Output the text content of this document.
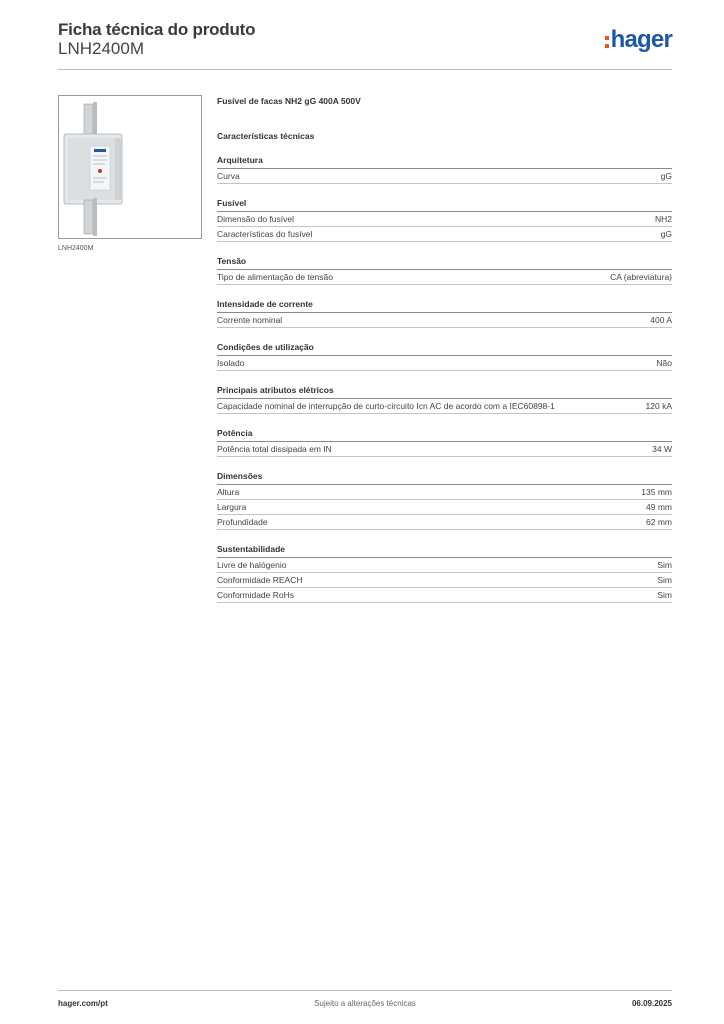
Ficha técnica do produto
LNH2400M	hager
LNH2400M
Fusível de facas NH2 gG 400A 500V
Características técnicas
Arquitetura
Curva	gG
Fusível
Dimensão do fusível	NH2
Características do fusível	gG
Tensão
Tipo de alimentação de tensão	CA (abreviatura)
Intensidade de corrente
Corrente nominal	400 A
Condições de utilização
Isolado	Não
Principais atributos elétricos
Capacidade nominal de interrupção de curto-circuito Icn AC de acordo com a IEC60898-1	120 kA
Potência
Potência total dissipada em IN	34 W
Dimensões
Altura	135 mm
Largura	49 mm
Profundidade	62 mm
Sustentabilidade
Livre de halógenio	Sim
Conformidade REACH	Sim
Conformidade RoHs	Sim
hager.com/pt	Sujeito a alterações técnicas	06.09.2025
